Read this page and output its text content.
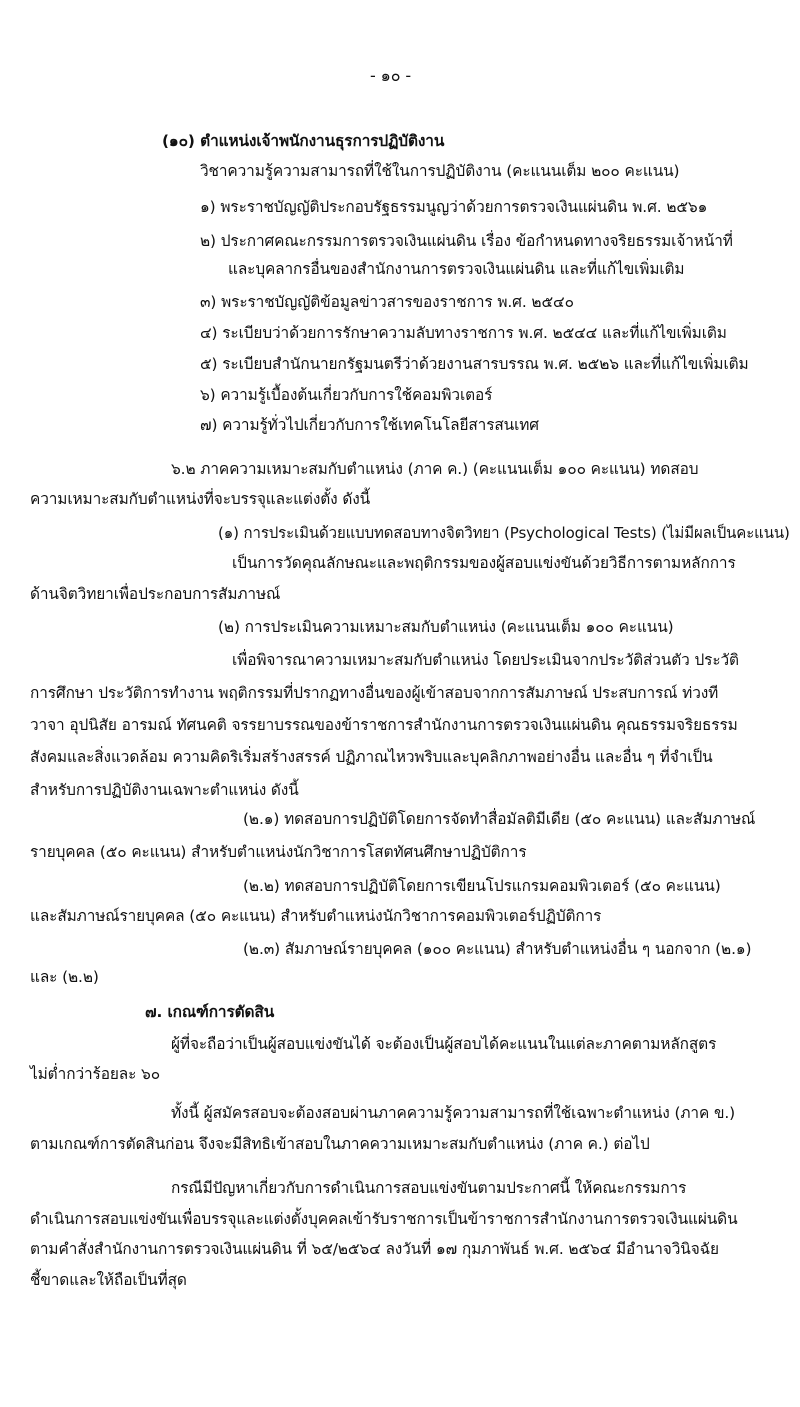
- ๑๐ -
(๑๐) ตำแหน่งเจ้าพนักงานธุรการปฏิบัติงาน
วิชาความรู้ความสามารถที่ใช้ในการปฏิบัติงาน (คะแนนเต็ม ๒๐๐ คะแนน)
๑) พระราชบัญญัติประกอบรัฐธรรมนูญว่าด้วยการตรวจเงินแผ่นดิน พ.ศ. ๒๕๖๑
๒) ประกาศคณะกรรมการตรวจเงินแผ่นดิน เรื่อง ข้อกำหนดทางจริยธรรมเจ้าหน้าที่
และบุคลากรอื่นของสำนักงานการตรวจเงินแผ่นดิน และที่แก้ไขเพิ่มเติม
๓) พระราชบัญญัติข้อมูลข่าวสารของราชการ พ.ศ. ๒๕๔๐
๔) ระเบียบว่าด้วยการรักษาความลับทางราชการ พ.ศ. ๒๕๔๔ และที่แก้ไขเพิ่มเติม
๕) ระเบียบสำนักนายกรัฐมนตรีว่าด้วยงานสารบรรณ พ.ศ. ๒๕๒๖ และที่แก้ไขเพิ่มเติม
๖) ความรู้เบื้องต้นเกี่ยวกับการใช้คอมพิวเตอร์
๗) ความรู้ทั่วไปเกี่ยวกับการใช้เทคโนโลยีสารสนเทศ
๖.๒ ภาคความเหมาะสมกับตำแหน่ง (ภาค ค.) (คะแนนเต็ม ๑๐๐ คะแนน) ทดสอบ
ความเหมาะสมกับตำแหน่งที่จะบรรจุและแต่งตั้ง ดังนี้
(๑) การประเมินด้วยแบบทดสอบทางจิตวิทยา (Psychological Tests) (ไม่มีผลเป็นคะแนน)
เป็นการวัดคุณลักษณะและพฤติกรรมของผู้สอบแข่งขันด้วยวิธีการตามหลักการ
ด้านจิตวิทยาเพื่อประกอบการสัมภาษณ์
(๒) การประเมินความเหมาะสมกับตำแหน่ง (คะแนนเต็ม ๑๐๐ คะแนน)
เพื่อพิจารณาความเหมาะสมกับตำแหน่ง โดยประเมินจากประวัติส่วนตัว ประวัติ
การศึกษา ประวัติการทำงาน พฤติกรรมที่ปรากฏทางอื่นของผู้เข้าสอบจากการสัมภาษณ์ ประสบการณ์ ท่วงที
วาจา อุปนิสัย อารมณ์ ทัศนคติ จรรยาบรรณของข้าราชการสำนักงานการตรวจเงินแผ่นดิน คุณธรรมจริยธรรม
สังคมและสิ่งแวดล้อม ความคิดริเริ่มสร้างสรรค์ ปฏิภาณไหวพริบและบุคลิกภาพอย่างอื่น และอื่น ๆ ที่จำเป็น
สำหรับการปฏิบัติงานเฉพาะตำแหน่ง ดังนี้
(๒.๑) ทดสอบการปฏิบัติโดยการจัดทำสื่อมัลติมีเดีย (๕๐ คะแนน) และสัมภาษณ์
รายบุคคล (๕๐ คะแนน) สำหรับตำแหน่งนักวิชาการโสตทัศนศึกษาปฏิบัติการ
(๒.๒) ทดสอบการปฏิบัติโดยการเขียนโปรแกรมคอมพิวเตอร์ (๕๐ คะแนน)
และสัมภาษณ์รายบุคคล (๕๐ คะแนน) สำหรับตำแหน่งนักวิชาการคอมพิวเตอร์ปฏิบัติการ
(๒.๓) สัมภาษณ์รายบุคคล (๑๐๐ คะแนน) สำหรับตำแหน่งอื่น ๆ นอกจาก (๒.๑)
และ (๒.๒)
๗. เกณฑ์การตัดสิน
ผู้ที่จะถือว่าเป็นผู้สอบแข่งขันได้ จะต้องเป็นผู้สอบได้คะแนนในแต่ละภาคตามหลักสูตร
ไม่ต่ำกว่าร้อยละ ๖๐
ทั้งนี้ ผู้สมัครสอบจะต้องสอบผ่านภาคความรู้ความสามารถที่ใช้เฉพาะตำแหน่ง (ภาค ข.)
ตามเกณฑ์การตัดสินก่อน จึงจะมีสิทธิเข้าสอบในภาคความเหมาะสมกับตำแหน่ง (ภาค ค.) ต่อไป
กรณีมีปัญหาเกี่ยวกับการดำเนินการสอบแข่งขันตามประกาศนี้ ให้คณะกรรมการ
ดำเนินการสอบแข่งขันเพื่อบรรจุและแต่งตั้งบุคคลเข้ารับราชการเป็นข้าราชการสำนักงานการตรวจเงินแผ่นดิน
ตามคำสั่งสำนักงานการตรวจเงินแผ่นดิน ที่ ๖๕/๒๕๖๔ ลงวันที่ ๑๗ กุมภาพันธ์ พ.ศ. ๒๕๖๔ มีอำนาจวินิจฉัย
ชี้ขาดและให้ถือเป็นที่สุด
